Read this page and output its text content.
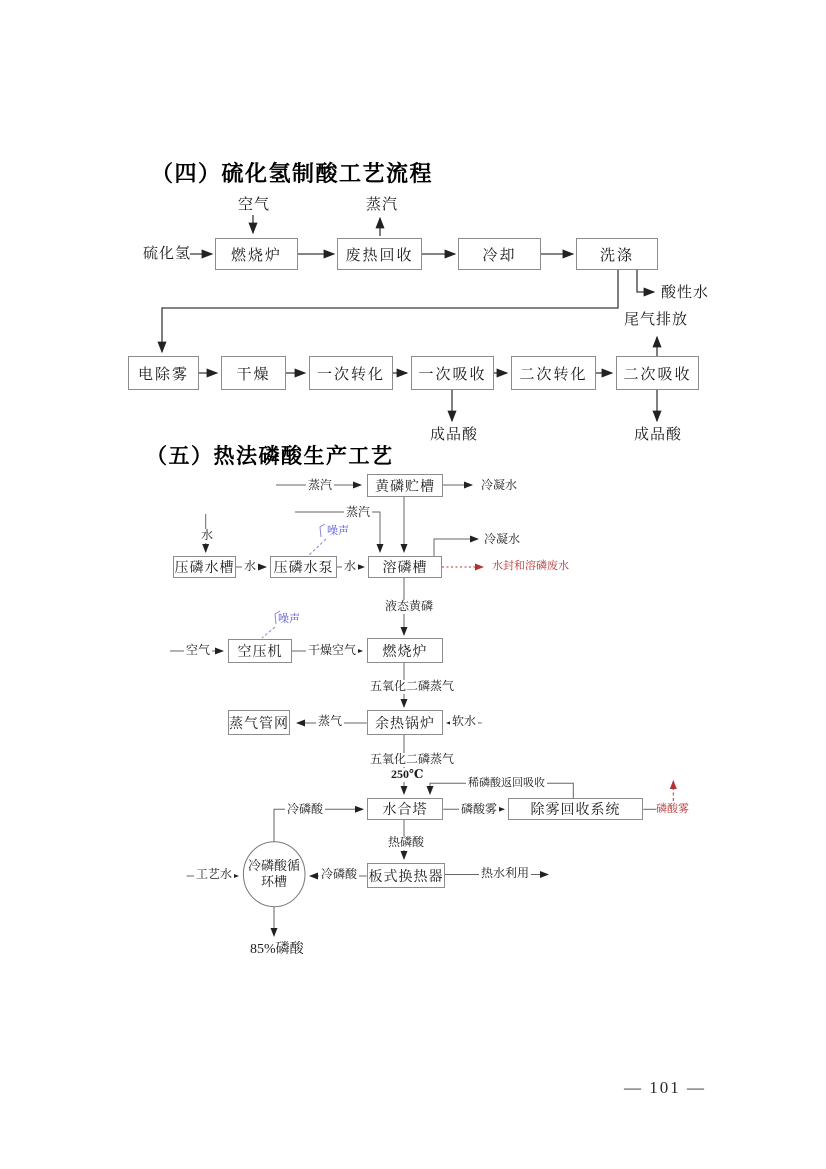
（四）硫化氢制酸工艺流程
燃烧炉	废热回收	冷却	洗涤
电除雾	干燥	一次转化	一次吸收	二次转化	二次吸收
硫化氢
空气	蒸汽
酸性水
尾气排放
成品酸	成品酸
（五）热法磷酸生产工艺
黄磷贮槽
压磷水槽	压磷水泵	溶磷槽
空压机	燃烧炉
蒸气管网	余热锅炉
水合塔	除雾回收系统
板式换热器
冷磷酸循
环槽
蒸汽	冷凝水
蒸汽
噪声
水
水	水
冷凝水
水封和溶磷废水
液态黄磷
噪声
空气	干燥空气
五氧化二磷蒸气
蒸气	软水
五氧化二磷蒸气
250℃
稀磷酸返回吸收
冷磷酸	磷酸雾	磷酸雾
热磷酸
冷磷酸
工艺水	热水利用
85%磷酸
— 101 —
